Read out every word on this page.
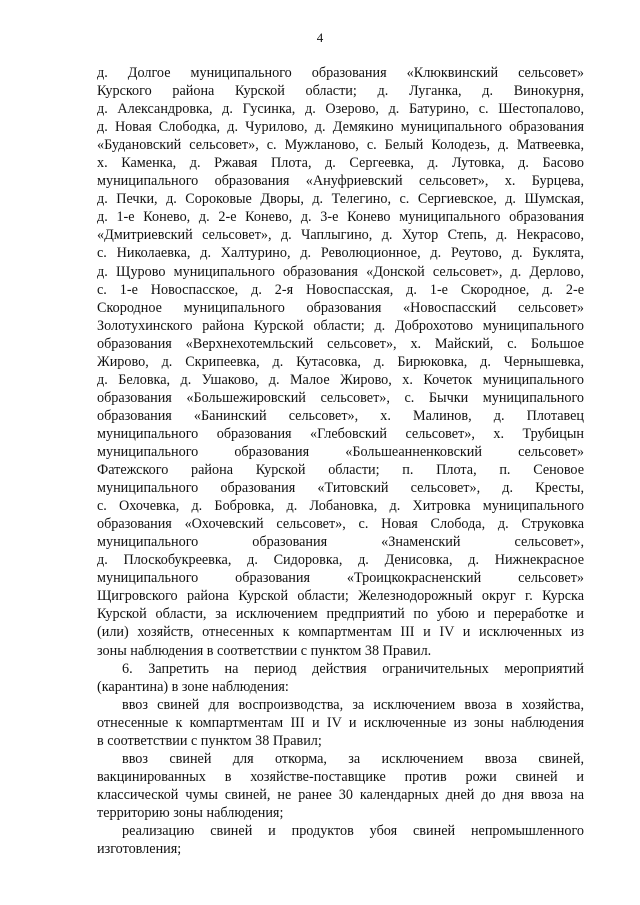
4
д. Долгое муниципального образования «Клюквинский сельсовет»
Курского района Курской области; д. Луганка, д. Винокурня,
д. Александровка, д. Гусинка, д. Озерово, д. Батурино, с. Шестопалово,
д. Новая Слободка, д. Чурилово, д. Демякино муниципального образования
«Будановский сельсовет», с. Мужланово, с. Белый Колодезь, д. Матвеевка,
х. Каменка, д. Ржавая Плота, д. Сергеевка, д. Лутовка, д. Басово
муниципального образования «Ануфриевский сельсовет», х. Бурцева,
д. Печки, д. Сороковые Дворы, д. Телегино, с. Сергиевское, д. Шумская,
д. 1-е Конево, д. 2-е Конево, д. 3-е Конево муниципального образования
«Дмитриевский сельсовет», д. Чаплыгино, д. Хутор Степь, д. Некрасово,
с. Николаевка, д. Халтурино, д. Революционное, д. Реутово, д. Буклята,
д. Щурово муниципального образования «Донской сельсовет», д. Дерлово,
с. 1-е Новоспасское, д. 2-я Новоспасская, д. 1-е Скородное, д. 2-е
Скородное муниципального образования «Новоспасский сельсовет»
Золотухинского района Курской области; д. Доброхотово муниципального
образования «Верхнехотемльский сельсовет», х. Майский, с. Большое
Жирово, д. Скрипеевка, д. Кутасовка, д. Бирюковка, д. Чернышевка,
д. Беловка, д. Ушаково, д. Малое Жирово, х. Кочеток муниципального
образования «Большежировский сельсовет», с. Бычки муниципального
образования «Банинский сельсовет», х. Малинов, д. Плотавец
муниципального образования «Глебовский сельсовет», х. Трубицын
муниципального образования «Большеанненковский сельсовет»
Фатежского района Курской области; п. Плота, п. Сеновое
муниципального образования «Титовский сельсовет», д. Кресты,
с. Охочевка, д. Бобровка, д. Лобановка, д. Хитровка муниципального
образования «Охочевский сельсовет», с. Новая Слобода, д. Струковка
муниципального образования «Знаменский сельсовет»,
д. Плоскобукреевка, д. Сидоровка, д. Денисовка, д. Нижнекрасное
муниципального образования «Троицкокрасненский сельсовет»
Щигровского района Курской области; Железнодорожный округ г. Курска
Курской области, за исключением предприятий по убою и переработке и
(или) хозяйств, отнесенных к компартментам III и IV и исключенных из
зоны наблюдения в соответствии с пунктом 38 Правил.
6. Запретить на период действия ограничительных мероприятий
(карантина) в зоне наблюдения:
ввоз свиней для воспроизводства, за исключением ввоза в хозяйства,
отнесенные к компартментам III и IV и исключенные из зоны наблюдения
в соответствии с пунктом 38 Правил;
ввоз свиней для откорма, за исключением ввоза свиней,
вакцинированных в хозяйстве-поставщике против рожи свиней и
классической чумы свиней, не ранее 30 календарных дней до дня ввоза на
территорию зоны наблюдения;
реализацию свиней и продуктов убоя свиней непромышленного
изготовления;
